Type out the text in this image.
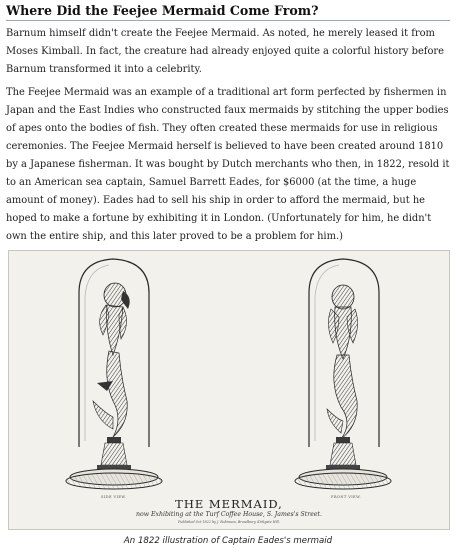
Where Did the Feejee Mermaid Come From?

Barnum himself didn't create the Feejee Mermaid. As noted, he merely leased it from Moses Kimball. In fact, the creature had already enjoyed quite a colorful history before Barnum transformed it into a celebrity.

The Feejee Mermaid was an example of a traditional art form perfected by fishermen in Japan and the East Indies who constructed faux mermaids by stitching the upper bodies of apes onto the bodies of fish. They often created these mermaids for use in religious ceremonies. The Feejee Mermaid herself is believed to have been created around 1810 by a Japanese fisherman. It was bought by Dutch merchants who then, in 1822, resold it to an American sea captain, Samuel Barrett Eades, for $6000 (at the time, a huge amount of money). Eades had to sell his ship in order to afford the mermaid, but he hoped to make a fortune by exhibiting it in London. (Unfortunately for him, he didn't own the entire ship, and this later proved to be a problem for him.)

SIDE VIEW.	FRONT VIEW.
THE MERMAID,
now Exhibiting at the Turf Coffee House, S. James's Street.
Published Oct 1822 by J. Robinson, Broadbury, Kirkgate Hill.

An 1822 illustration of Captain Eades's mermaid
